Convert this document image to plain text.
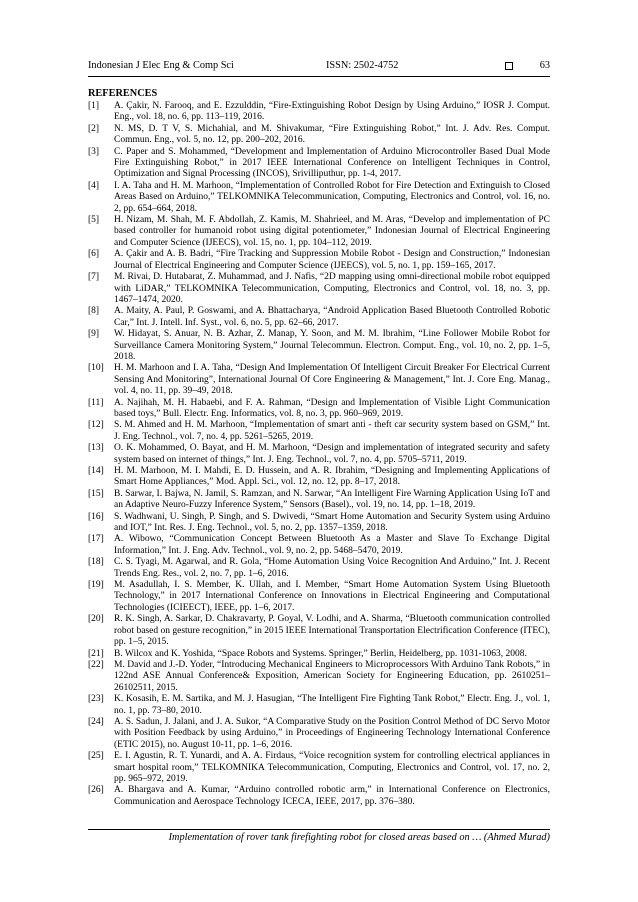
Indonesian J Elec Eng & Comp Sci	ISSN: 2502-4752	63
REFERENCES
[1] A. Çakir, N. Farooq, and E. Ezzulddin, “Fire-Extinguishing Robot Design by Using Arduino,” IOSR J. Comput. Eng., vol. 18, no. 6, pp. 113–119, 2016.
[2] N. MS, D. T V, S. Michahial, and M. Shivakumar, “Fire Extinguishing Robot,” Int. J. Adv. Res. Comput. Commun. Eng., vol. 5, no. 12, pp. 200–202, 2016.
[3] C. Paper and S. Mohammed, “Development and Implementation of Arduino Microcontroller Based Dual Mode Fire Extinguishing Robot,” in 2017 IEEE International Conference on Intelligent Techniques in Control, Optimization and Signal Processing (INCOS), Srivilliputhur, pp. 1-4, 2017.
[4] I. A. Taha and H. M. Marhoon, “Implementation of Controlled Robot for Fire Detection and Extinguish to Closed Areas Based on Arduino,” TELKOMNIKA Telecommunication, Computing, Electronics and Control, vol. 16, no. 2, pp. 654–664, 2018.
[5] H. Nizam, M. Shah, M. F. Abdollah, Z. Kamis, M. Shahrieel, and M. Aras, “Develop and implementation of PC based controller for humanoid robot using digital potentiometer,” Indonesian Journal of Electrical Engineering and Computer Science (IJEECS), vol. 15, no. 1, pp. 104–112, 2019.
[6] A. Çakir and A. B. Badri, “Fire Tracking and Suppression Mobile Robot - Design and Construction,” Indonesian Journal of Electrical Engineering and Computer Science (IJEECS), vol. 5, no. 1, pp. 159–165, 2017.
[7] M. Rivai, D. Hutabarat, Z. Muhammad, and J. Nafis, “2D mapping using omni-directional mobile robot equipped with LiDAR,” TELKOMNIKA Telecommunication, Computing, Electronics and Control, vol. 18, no. 3, pp. 1467–1474, 2020.
[8] A. Maity, A. Paul, P. Goswami, and A. Bhattacharya, “Android Application Based Bluetooth Controlled Robotic Car,” Int. J. Intell. Inf. Syst., vol. 6, no. 5, pp. 62–66, 2017.
[9] W. Hidayat, S. Anuar, N. B. Azhar, Z. Manap, Y. Soon, and M. M. Ibrahim, “Line Follower Mobile Robot for Surveillance Camera Monitoring System,” Journal Telecommun. Electron. Comput. Eng., vol. 10, no. 2, pp. 1–5, 2018.
[10] H. M. Marhoon and I. A. Taha, “Design And Implementation Of Intelligent Circuit Breaker For Electrical Current Sensing And Monitoring”, International Journal Of Core Engineering & Management,” Int. J. Core Eng. Manag., vol. 4, no. 11, pp. 39–49, 2018.
[11] A. Najihah, M. H. Habaebi, and F. A. Rahman, “Design and Implementation of Visible Light Communication based toys,” Bull. Electr. Eng. Informatics, vol. 8, no. 3, pp. 960–969, 2019.
[12] S. M. Ahmed and H. M. Marhoon, “Implementation of smart anti - theft car security system based on GSM,” Int. J. Eng. Technol., vol. 7, no. 4, pp. 5261–5265, 2019.
[13] O. K. Mohammed, O. Bayat, and H. M. Marhoon, “Design and implementation of integrated security and safety system based on internet of things,” Int. J. Eng. Technol., vol. 7, no. 4, pp. 5705–5711, 2019.
[14] H. M. Marhoon, M. I. Mahdi, E. D. Hussein, and A. R. Ibrahim, “Designing and Implementing Applications of Smart Home Appliances,” Mod. Appl. Sci., vol. 12, no. 12, pp. 8–17, 2018.
[15] B. Sarwar, I. Bajwa, N. Jamil, S. Ramzan, and N. Sarwar, “An Intelligent Fire Warning Application Using IoT and an Adaptive Neuro-Fuzzy Inference System,” Sensors (Basel)., vol. 19, no. 14, pp. 1–18, 2019.
[16] S. Wadhwani, U. Singh, P. Singh, and S. Dwivedi, “Smart Home Automation and Security System using Arduino and IOT,” Int. Res. J. Eng. Technol., vol. 5, no. 2, pp. 1357–1359, 2018.
[17] A. Wibowo, “Communication Concept Between Bluetooth As a Master and Slave To Exchange Digital Information,” Int. J. Eng. Adv. Technol., vol. 9, no. 2, pp. 5468–5470, 2019.
[18] C. S. Tyagi, M. Agarwal, and R. Gola, “Home Automation Using Voice Recognition And Arduino,” Int. J. Recent Trends Eng. Res., vol. 2, no. 7, pp. 1–6, 2016.
[19] M. Asadullah, I. S. Member, K. Ullah, and I. Member, “Smart Home Automation System Using Bluetooth Technology,” in 2017 International Conference on Innovations in Electrical Engineering and Computational Technologies (ICIEECT), IEEE, pp. 1–6, 2017.
[20] R. K. Singh, A. Sarkar, D. Chakravarty, P. Goyal, V. Lodhi, and A. Sharma, “Bluetooth communication controlled robot based on gesture recognition,” in 2015 IEEE International Transportation Electrification Conference (ITEC), pp. 1–5, 2015.
[21] B. Wilcox and K. Yoshida, “Space Robots and Systems. Springer,” Berlin, Heidelberg, pp. 1031-1063, 2008.
[22] M. David and J.-D. Yoder, “Introducing Mechanical Engineers to Microprocessors With Arduino Tank Robots,” in 122nd ASE Annual Conference& Exposition, American Society for Engineering Education, pp. 2610251–26102511, 2015.
[23] K. Kosasih, E. M. Sartika, and M. J. Hasugian, “The Intelligent Fire Fighting Tank Robot,” Electr. Eng. J., vol. 1, no. 1, pp. 73–80, 2010.
[24] A. S. Sadun, J. Jalani, and J. A. Sukor, “A Comparative Study on the Position Control Method of DC Servo Motor with Position Feedback by using Arduino,” in Proceedings of Engineering Technology International Conference (ETIC 2015), no. August 10-11, pp. 1–6, 2016.
[25] E. I. Agustin, R. T. Yunardi, and A. A. Firdaus, “Voice recognition system for controlling electrical appliances in smart hospital room,” TELKOMNIKA Telecommunication, Computing, Electronics and Control, vol. 17, no. 2, pp. 965–972, 2019.
[26] A. Bhargava and A. Kumar, “Arduino controlled robotic arm,” in International Conference on Electronics, Communication and Aerospace Technology ICECA, IEEE, 2017, pp. 376–380.
Implementation of rover tank firefighting robot for closed areas based on … (Ahmed Murad)
